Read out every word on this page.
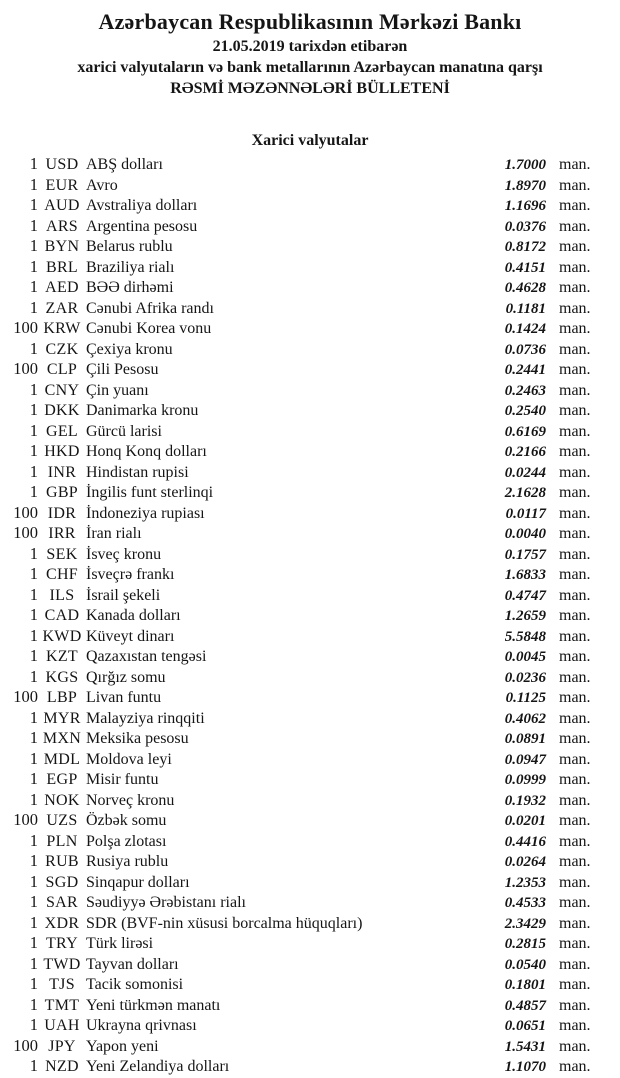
Azərbaycan Respublikasının Mərkəzi Bankı
21.05.2019 tarixdən etibarən
xarici valyutaların və bank metallarının Azərbaycan manatına qarşı
RƏSMİ MƏZƏNNƏLƏRİ BÜLLETENİ
Xarici valyutalar
1 USD ABŞ dolları	1.7000 man.
1 EUR Avro	1.8970 man.
1 AUD Avstraliya dolları	1.1696 man.
1 ARS Argentina pesosu	0.0376 man.
1 BYN Belarus rublu	0.8172 man.
1 BRL Braziliya rialı	0.4151 man.
1 AED BƏƏ dirhəmi	0.4628 man.
1 ZAR Cənubi Afrika randı	0.1181 man.
100 KRW Cənubi Korea vonu	0.1424 man.
1 CZK Çexiya kronu	0.0736 man.
100 CLP Çili Pesosu	0.2441 man.
1 CNY Çin yuanı	0.2463 man.
1 DKK Danimarka kronu	0.2540 man.
1 GEL Gürcü larisi	0.6169 man.
1 HKD Honq Konq dolları	0.2166 man.
1 INR Hindistan rupisi	0.0244 man.
1 GBP İngilis funt sterlinqi	2.1628 man.
100 IDR İndoneziya rupiası	0.0117 man.
100 IRR İran rialı	0.0040 man.
1 SEK İsveç kronu	0.1757 man.
1 CHF İsveçrə frankı	1.6833 man.
1 ILS İsrail şekeli	0.4747 man.
1 CAD Kanada dolları	1.2659 man.
1 KWD Küveyt dinarı	5.5848 man.
1 KZT Qazaxıstan tengəsi	0.0045 man.
1 KGS Qırğız somu	0.0236 man.
100 LBP Livan funtu	0.1125 man.
1 MYR Malayziya rinqqiti	0.4062 man.
1 MXN Meksika pesosu	0.0891 man.
1 MDL Moldova leyi	0.0947 man.
1 EGP Misir funtu	0.0999 man.
1 NOK Norveç kronu	0.1932 man.
100 UZS Özbək somu	0.0201 man.
1 PLN Polşa zlotası	0.4416 man.
1 RUB Rusiya rublu	0.0264 man.
1 SGD Sinqapur dolları	1.2353 man.
1 SAR Səudiyyə Ərəbistanı rialı	0.4533 man.
1 XDR SDR (BVF-nin xüsusi borcalma hüquqları)	2.3429 man.
1 TRY Türk lirəsi	0.2815 man.
1 TWD Tayvan dolları	0.0540 man.
1 TJS Tacik somonisi	0.1801 man.
1 TMT Yeni türkmən manatı	0.4857 man.
1 UAH Ukrayna qrivnası	0.0651 man.
100 JPY Yapon yeni	1.5431 man.
1 NZD Yeni Zelandiya dolları	1.1070 man.
